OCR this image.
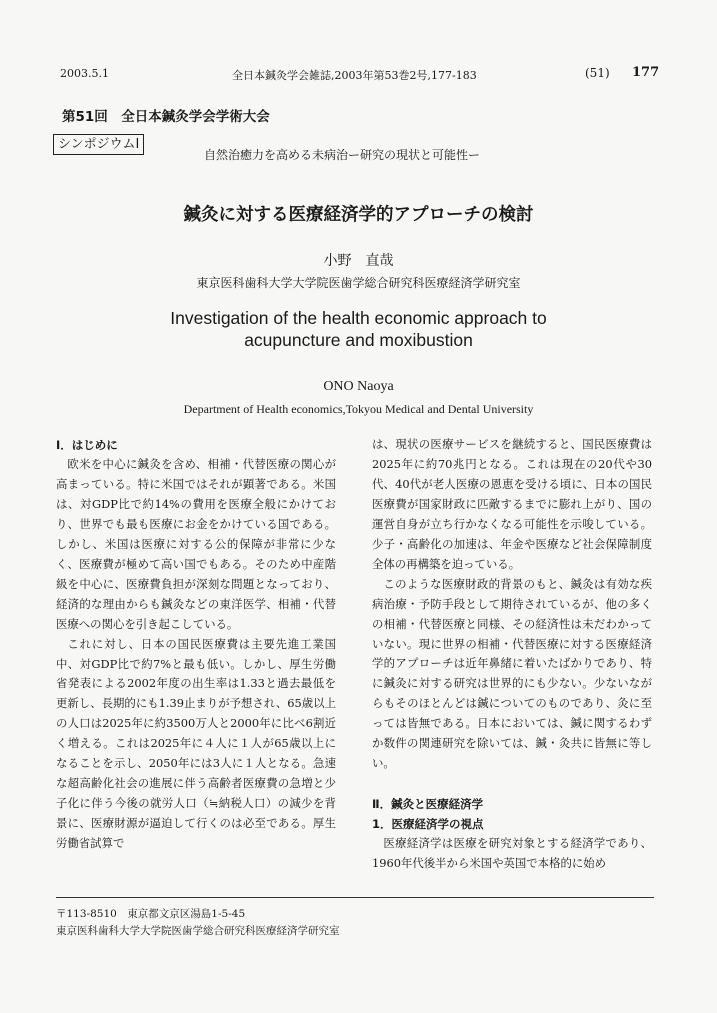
2003.5.1	全日本鍼灸学会雑誌,2003年第53巻2号,177-183	(51) 177
第51回　全日本鍼灸学会学術大会
シンポジウムⅠ
自然治癒力を高める未病治ー研究の現状と可能性ー
鍼灸に対する医療経済学的アプローチの検討
小野　直哉
東京医科歯科大学大学院医歯学総合研究科医療経済学研究室
Investigation of the health economic approach to
acupuncture and moxibustion
ONO Naoya
Department of Health economics,Tokyou Medical and Dental University
Ⅰ．はじめに

欧米を中心に鍼灸を含め、相補・代替医療の関心が高まっている。特に米国ではそれが顕著である。米国は、対GDP比で約14%の費用を医療全般にかけており、世界でも最も医療にお金をかけている国である。しかし、米国は医療に対する公的保障が非常に少なく、医療費が極めて高い国でもある。そのため中産階級を中心に、医療費負担が深刻な問題となっており、経済的な理由からも鍼灸などの東洋医学、相補・代替医療への関心を引き起こしている。

これに対し、日本の国民医療費は主要先進工業国中、対GDP比で約7%と最も低い。しかし、厚生労働省発表による2002年度の出生率は1.33と過去最低を更新し、長期的にも1.39止まりが予想され、65歳以上の人口は2025年に約3500万人と2000年に比べ6割近く増える。これは2025年に４人に１人が65歳以上になることを示し、2050年には3人に１人となる。急速な超高齢化社会の進展に伴う高齢者医療費の急増と少子化に伴う今後の就労人口（≒納税人口）の減少を背景に、医療財源が逼迫して行くのは必至である。厚生労働省試算で

は、現状の医療サービスを継続すると、国民医療費は2025年に約70兆円となる。これは現在の20代や30代、40代が老人医療の恩恵を受ける頃に、日本の国民医療費が国家財政に匹敵するまでに膨れ上がり、国の運営自身が立ち行かなくなる可能性を示唆している。少子・高齢化の加速は、年金や医療など社会保障制度全体の再構築を迫っている。

このような医療財政的背景のもと、鍼灸は有効な疾病治療・予防手段として期待されているが、他の多くの相補・代替医療と同様、その経済性は未だわかっていない。現に世界の相補・代替医療に対する医療経済学的アプローチは近年鼻緒に着いたばかりであり、特に鍼灸に対する研究は世界的にも少ない。少ないながらもそのほとんどは鍼についてのものであり、灸に至っては皆無である。日本においては、鍼に関するわずか数件の関連研究を除いては、鍼・灸共に皆無に等しい。

Ⅱ．鍼灸と医療経済学
1．医療経済学の視点

医療経済学は医療を研究対象とする経済学であり、1960年代後半から米国や英国で本格的に始め

〒113-8510　東京都文京区湯島1-5-45
東京医科歯科大学大学院医歯学総合研究科医療経済学研究室
